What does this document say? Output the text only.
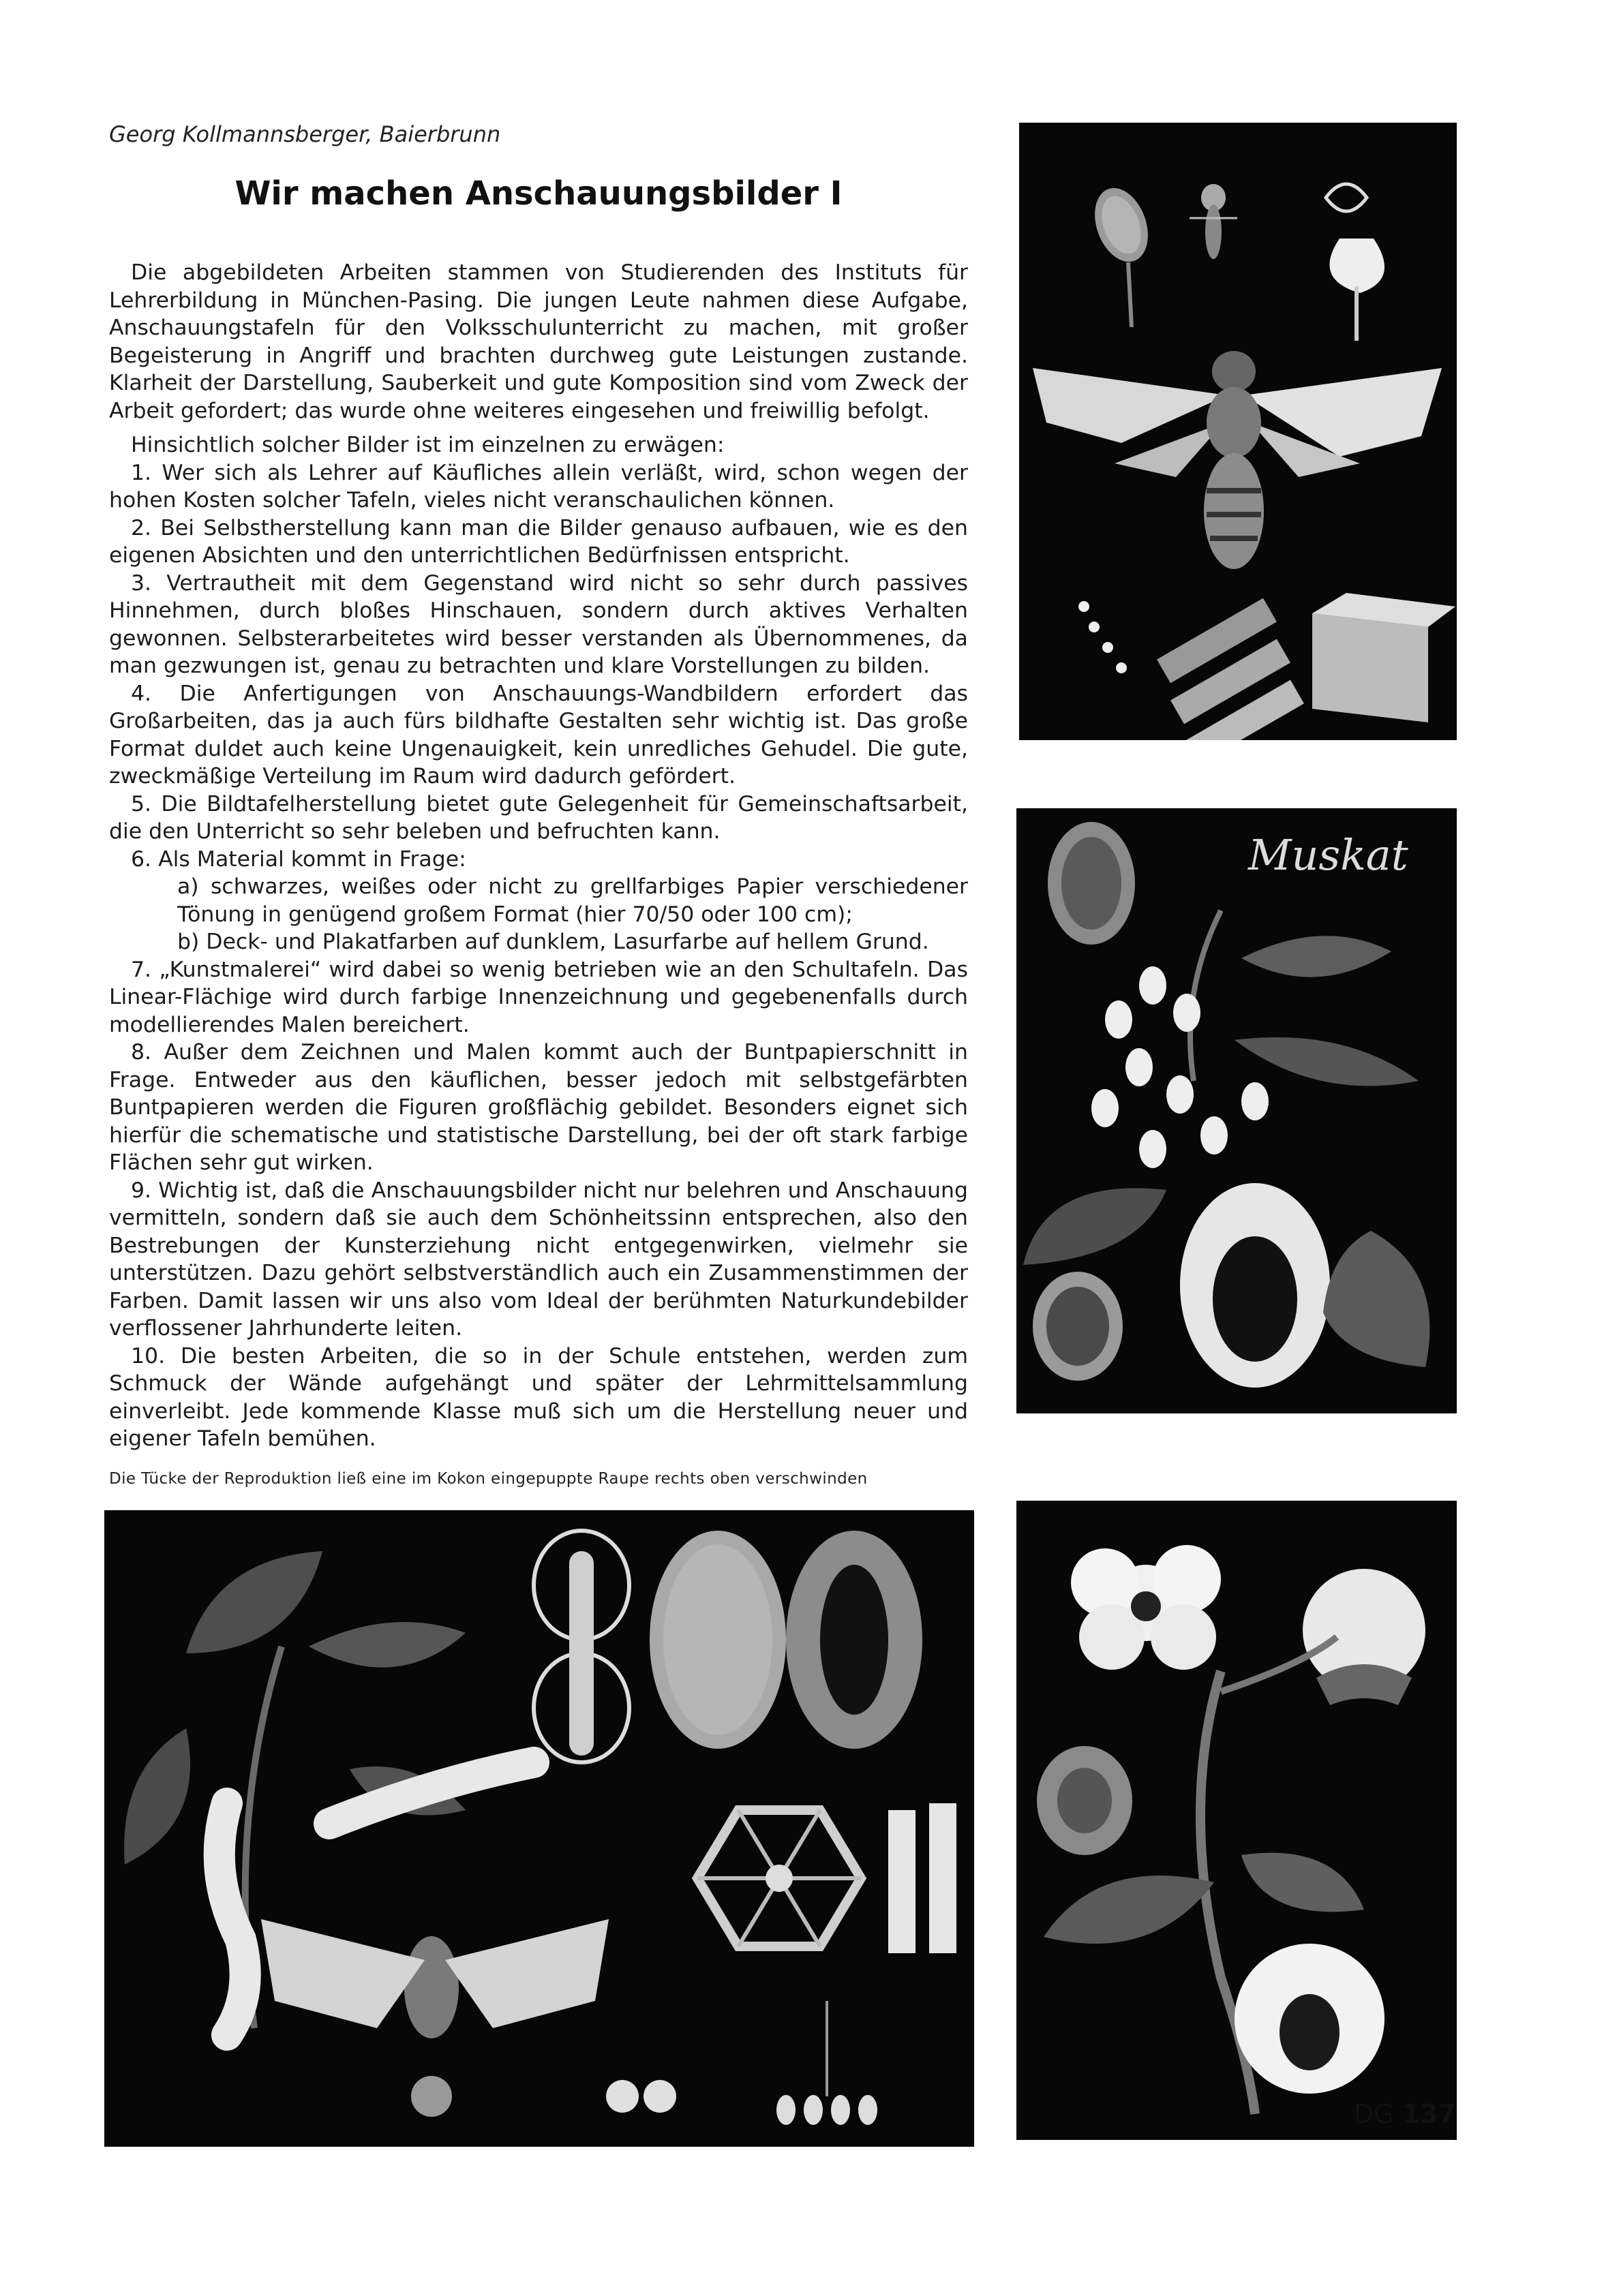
Georg Kollmannsberger, Baierbrunn
Wir machen Anschauungsbilder I

Die abgebildeten Arbeiten stammen von Studierenden des Instituts für Lehrerbildung in München-Pasing. Die jungen Leute nahmen diese Aufgabe, Anschauungstafeln für den Volksschulunterricht zu machen, mit großer Begeisterung in Angriff und brachten durchweg gute Leistungen zustande. Klarheit der Darstellung, Sauberkeit und gute Komposition sind vom Zweck der Arbeit gefordert; das wurde ohne weiteres eingesehen und freiwillig befolgt.

Hinsichtlich solcher Bilder ist im einzelnen zu erwägen:

1. Wer sich als Lehrer auf Käufliches allein verläßt, wird, schon wegen der hohen Kosten solcher Tafeln, vieles nicht veranschaulichen können.

2. Bei Selbstherstellung kann man die Bilder genauso aufbauen, wie es den eigenen Absichten und den unterrichtlichen Bedürfnissen entspricht.

3. Vertrautheit mit dem Gegenstand wird nicht so sehr durch passives Hinnehmen, durch bloßes Hinschauen, sondern durch aktives Verhalten gewonnen. Selbsterarbeitetes wird besser verstanden als Übernommenes, da man gezwungen ist, genau zu betrachten und klare Vorstellungen zu bilden.

4. Die Anfertigungen von Anschauungs-Wandbildern erfordert das Großarbeiten, das ja auch fürs bildhafte Gestalten sehr wichtig ist. Das große Format duldet auch keine Ungenauigkeit, kein unredliches Gehudel. Die gute, zweckmäßige Verteilung im Raum wird dadurch gefördert.

5. Die Bildtafelherstellung bietet gute Gelegenheit für Gemeinschaftsarbeit, die den Unterricht so sehr beleben und befruchten kann.

6. Als Material kommt in Frage:

a) schwarzes, weißes oder nicht zu grellfarbiges Papier verschiedener Tönung in genügend großem Format (hier 70/50 oder 100 cm);

b) Deck- und Plakatfarben auf dunklem, Lasurfarbe auf hellem Grund.

7. „Kunstmalerei“ wird dabei so wenig betrieben wie an den Schultafeln. Das Linear-Flächige wird durch farbige Innenzeichnung und gegebenenfalls durch modellierendes Malen bereichert.

8. Außer dem Zeichnen und Malen kommt auch der Buntpapierschnitt in Frage. Entweder aus den käuflichen, besser jedoch mit selbstgefärbten Buntpapieren werden die Figuren großflächig gebildet. Besonders eignet sich hierfür die schematische und statistische Darstellung, bei der oft stark farbige Flächen sehr gut wirken.

9. Wichtig ist, daß die Anschauungsbilder nicht nur belehren und Anschauung vermitteln, sondern daß sie auch dem Schönheitssinn entsprechen, also den Bestrebungen der Kunsterziehung nicht entgegenwirken, vielmehr sie unterstützen. Dazu gehört selbstverständlich auch ein Zusammenstimmen der Farben. Damit lassen wir uns also vom Ideal der berühmten Naturkundebilder verflossener Jahrhunderte leiten.

10. Die besten Arbeiten, die so in der Schule entstehen, werden zum Schmuck der Wände aufgehängt und später der Lehrmittelsammlung einverleibt. Jede kommende Klasse muß sich um die Herstellung neuer und eigener Tafeln bemühen.

Die Tücke der Reproduktion ließ eine im Kokon eingepuppte Raupe rechts oben verschwinden
Muskat
DG 137
